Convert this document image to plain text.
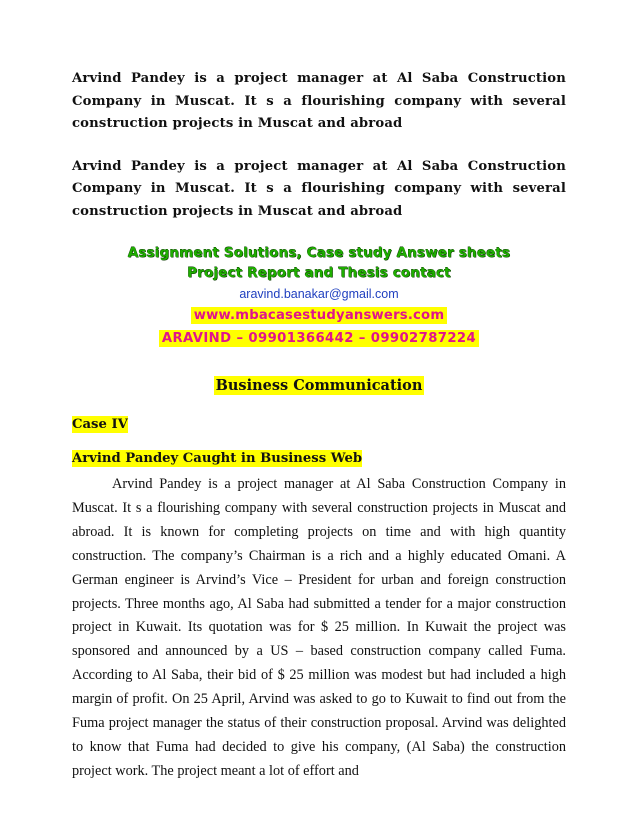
Arvind Pandey is a project manager at Al Saba Construction Company in Muscat. It s a flourishing company with several construction projects in Muscat and abroad

Arvind Pandey is a project manager at Al Saba Construction Company in Muscat. It s a flourishing company with several construction projects in Muscat and abroad

Assignment Solutions, Case study Answer sheets
Project Report and Thesis contact
aravind.banakar@gmail.com
www.mbacasestudyanswers.com
ARAVIND – 09901366442 – 09902787224
Business Communication
Case IV
Arvind Pandey Caught in Business Web
Arvind Pandey is a project manager at Al Saba Construction Company in Muscat. It s a flourishing company with several construction projects in Muscat and abroad. It is known for completing projects on time and with high quantity construction. The company’s Chairman is a rich and a highly educated Omani. A German engineer is Arvind’s Vice – President for urban and foreign construction projects. Three months ago, Al Saba had submitted a tender for a major construction project in Kuwait. Its quotation was for $ 25 million. In Kuwait the project was sponsored and announced by a US – based construction company called Fuma. According to Al Saba, their bid of $ 25 million was modest but had included a high margin of profit. On 25 April, Arvind was asked to go to Kuwait to find out from the Fuma project manager the status of their construction proposal. Arvind was delighted to know that Fuma had decided to give his company, (Al Saba) the construction project work. The project meant a lot of effort and
